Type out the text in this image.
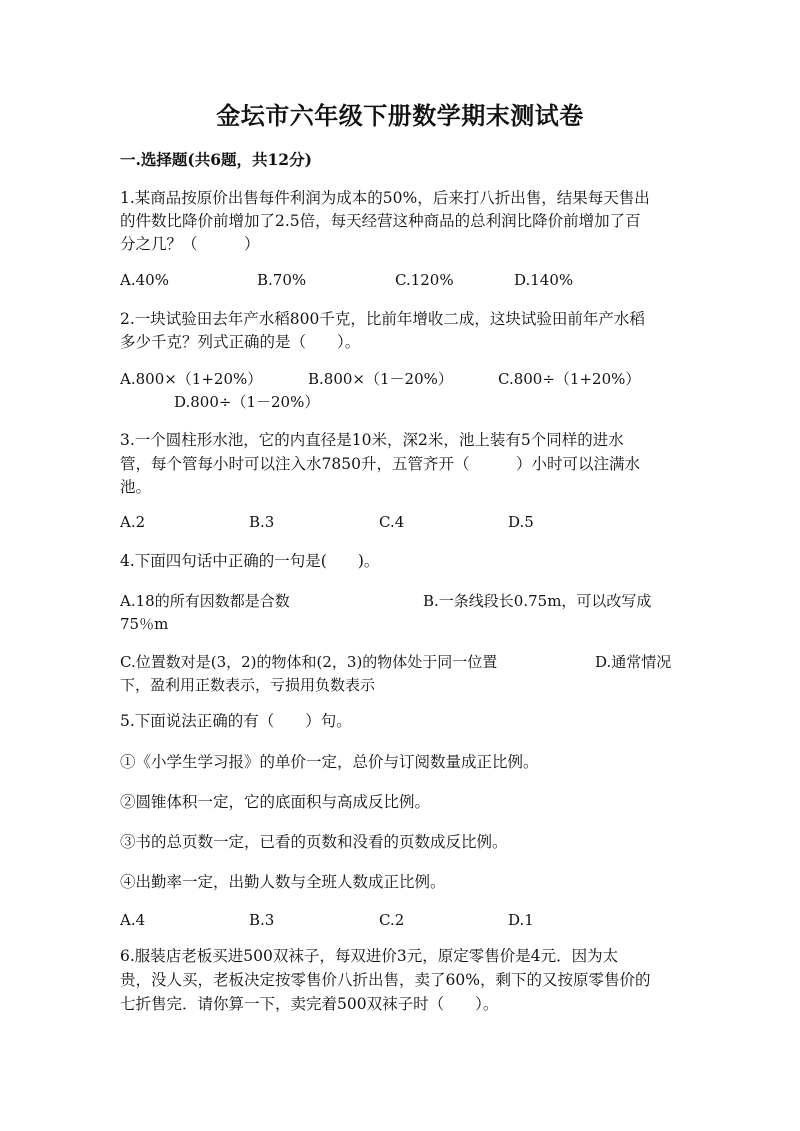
金坛市六年级下册数学期末测试卷
一.选择题(共6题，共12分)
1.某商品按原价出售每件利润为成本的50%，后来打八折出售，结果每天售出
的件数比降价前增加了2.5倍，每天经营这种商品的总利润比降价前增加了百
分之几？（　　　）
A.40%	B.70%	C.120%	D.140%
2.一块试验田去年产水稻800千克，比前年增收二成，这块试验田前年产水稻
多少千克？列式正确的是（　　）。
A.800×（1+20%）	B.800×（1－20%）	C.800÷（1+20%）
D.800÷（1－20%）
3.一个圆柱形水池，它的内直径是10米，深2米，池上装有5个同样的进水
管，每个管每小时可以注入水7850升，五管齐开（　　　）小时可以注满水
池。
A.2	B.3	C.4	D.5
4.下面四句话中正确的一句是(　　)。
A.18的所有因数都是合数	B.一条线段长0.75m，可以改写成
75％m
C.位置数对是(3，2)的物体和(2，3)的物体处于同一位置	D.通常情况
下，盈利用正数表示，亏损用负数表示
5.下面说法正确的有（　　）句。
①《小学生学习报》的单价一定，总价与订阅数量成正比例。
②圆锥体积一定，它的底面积与高成反比例。
③书的总页数一定，已看的页数和没看的页数成反比例。
④出勤率一定，出勤人数与全班人数成正比例。
A.4	B.3	C.2	D.1
6.服装店老板买进500双袜子，每双进价3元，原定零售价是4元．因为太
贵，没人买，老板决定按零售价八折出售，卖了60%，剩下的又按原零售价的
七折售完．请你算一下，卖完着500双袜子时（　　）。
